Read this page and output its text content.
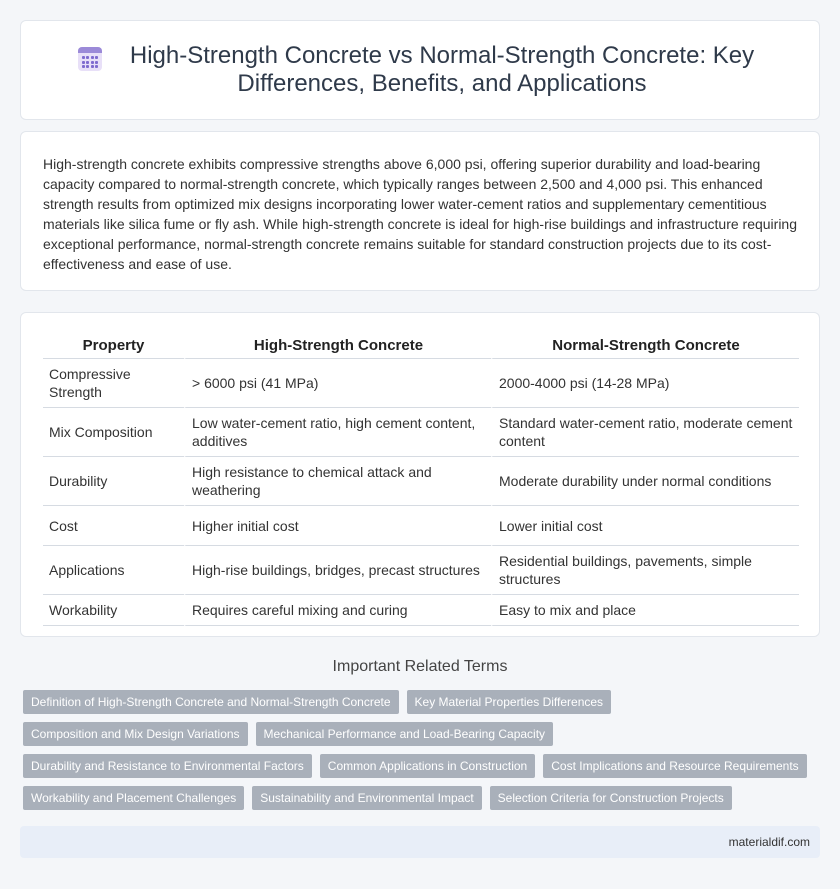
High-Strength Concrete vs Normal-Strength Concrete: Key Differences, Benefits, and Applications

High-strength concrete exhibits compressive strengths above 6,000 psi, offering superior durability and load-bearing capacity compared to normal-strength concrete, which typically ranges between 2,500 and 4,000 psi. This enhanced strength results from optimized mix designs incorporating lower water-cement ratios and supplementary cementitious materials like silica fume or fly ash. While high-strength concrete is ideal for high-rise buildings and infrastructure requiring exceptional performance, normal-strength concrete remains suitable for standard construction projects due to its cost-effectiveness and ease of use.

Property	High-Strength Concrete	Normal-Strength Concrete
Compressive Strength	> 6000 psi (41 MPa)	2000-4000 psi (14-28 MPa)
Mix Composition	Low water-cement ratio, high cement content, additives	Standard water-cement ratio, moderate cement content
Durability	High resistance to chemical attack and weathering	Moderate durability under normal conditions
Cost	Higher initial cost	Lower initial cost
Applications	High-rise buildings, bridges, precast structures	Residential buildings, pavements, simple structures
Workability	Requires careful mixing and curing	Easy to mix and place
Important Related Terms
Definition of High-Strength Concrete and Normal-Strength Concrete	Key Material Properties Differences
Composition and Mix Design Variations	Mechanical Performance and Load-Bearing Capacity
Durability and Resistance to Environmental Factors	Common Applications in Construction	Cost Implications and Resource Requirements
Workability and Placement Challenges	Sustainability and Environmental Impact	Selection Criteria for Construction Projects
materialdif.com
